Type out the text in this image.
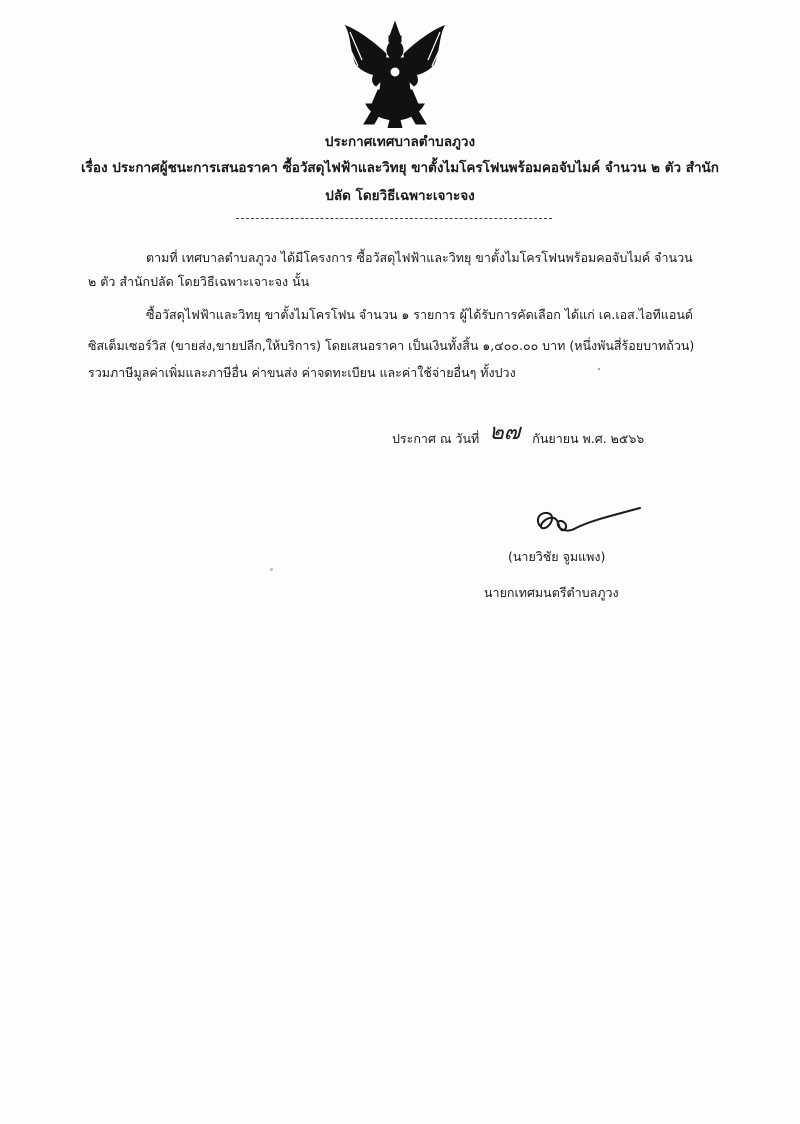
ประกาศเทศบาลตำบลภูวง
เรื่อง ประกาศผู้ชนะการเสนอราคา ซื้อวัสดุไฟฟ้าและวิทยุ ขาตั้งไมโครโฟนพร้อมคอจับไมค์ จำนวน ๒ ตัว สำนัก
ปลัด โดยวิธีเฉพาะเจาะจง
ตามที่ เทศบาลตำบลภูวง ได้มีโครงการ ซื้อวัสดุไฟฟ้าและวิทยุ ขาตั้งไมโครโฟนพร้อมคอจับไมค์ จำนวน
๒ ตัว สำนักปลัด โดยวิธีเฉพาะเจาะจง นั้น
ซื้อวัสดุไฟฟ้าและวิทยุ ขาตั้งไมโครโฟน จำนวน ๑ รายการ ผู้ได้รับการคัดเลือก ได้แก่ เค.เอส.ไอทีแอนด์
ซิสเต็มเซอร์วิส (ขายส่ง,ขายปลีก,ให้บริการ) โดยเสนอราคา เป็นเงินทั้งสิ้น ๑,๔๐๐.๐๐ บาท (หนึ่งพันสี่ร้อยบาทถ้วน)
รวมภาษีมูลค่าเพิ่มและภาษีอื่น ค่าขนส่ง ค่าจดทะเบียน และค่าใช้จ่ายอื่นๆ ทั้งปวง
ประกาศ ณ วันที่ ๒๗ กันยายน พ.ศ. ๒๕๖๖
(นายวิชัย จูมแพง)
นายกเทศมนตรีตำบลภูวง
